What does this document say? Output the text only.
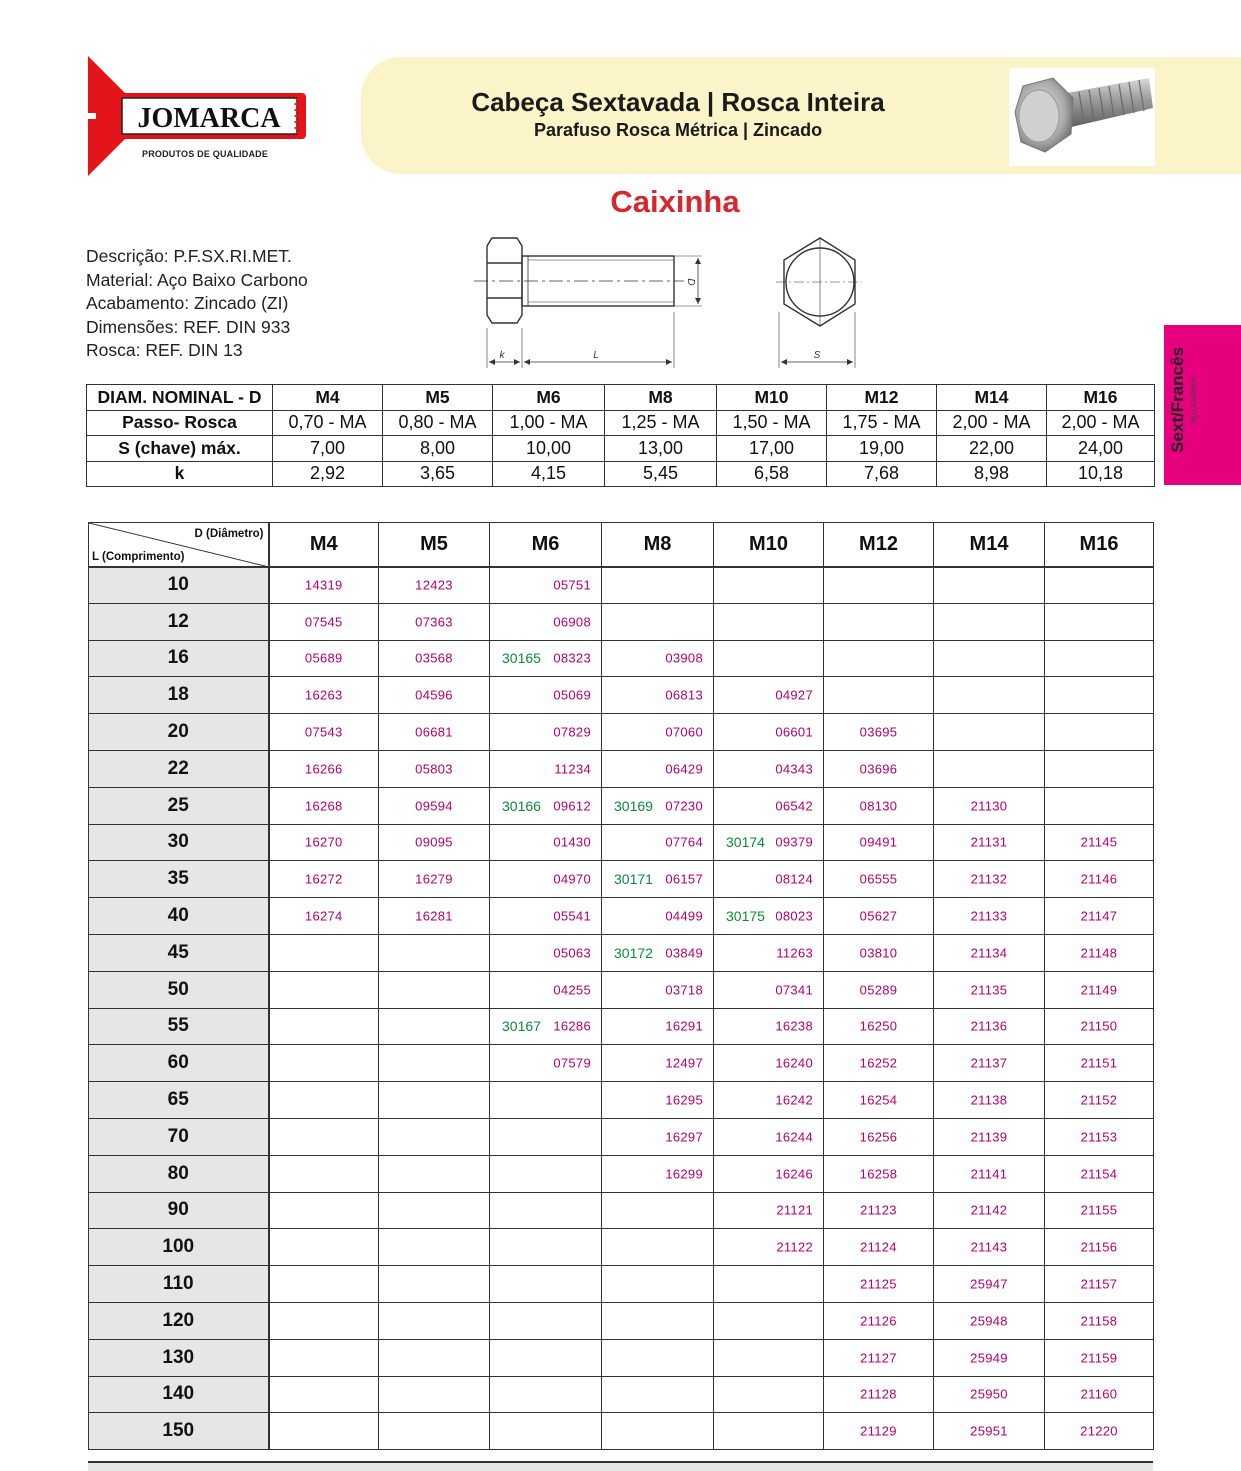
JOMARCA
PRODUTOS DE QUALIDADE
Cabeça Sextavada | Rosca Inteira
Parafuso Rosca Métrica | Zincado
Caixinha
Descrição: P.F.SX.RI.MET.
Material: Aço Baixo Carbono
Acabamento: Zincado (ZI)
Dimensões: REF. DIN 933
Rosca: REF. DIN 13	k	L
D
S	Sext/Francês Aço Carbono
DIAM. NOMINAL - D	M4	M5	M6	M8	M10	M12	M14	M16
Passo- Rosca	0,70 - MA	0,80 - MA	1,00 - MA	1,25 - MA	1,50 - MA	1,75 - MA	2,00 - MA	2,00 - MA
S (chave) máx.	7,00	8,00	10,00	13,00	17,00	19,00	22,00	24,00
k	2,92	3,65	4,15	5,45	6,58	7,68	8,98	10,18
D (Diâmetro)
L (Comprimento)	M4	M5	M6	M8	M10	M12	M14	M16
10	14319	12423	05751					

12	07545	07363	06908					

16	05689	03568	30165 08323	03908				

18	16263	04596	05069	06813	04927			

20	07543	06681	07829	07060	06601	03695		

22	16266	05803	11234	06429	04343	03696		

25	16268	09594	30166 09612	30169 07230	06542	08130	21130	

30	16270	09095	01430	07764	30174 09379	09491	21131	21145

35	16272	16279	04970	30171 06157	08124	06555	21132	21146

40	16274	16281	05541	04499	30175 08023	05627	21133	21147

45			05063	30172 03849	11263	03810	21134	21148

50			04255	03718	07341	05289	21135	21149

55			30167 16286	16291	16238	16250	21136	21150

60			07579	12497	16240	16252	21137	21151

65				16295	16242	16254	21138	21152

70				16297	16244	16256	21139	21153

80				16299	16246	16258	21141	21154

90					21121	21123	21142	21155

100					21122	21124	21143	21156

110						21125	25947	21157

120						21126	25948	21158

130						21127	25949	21159

140						21128	25950	21160

150						21129	25951	21220
